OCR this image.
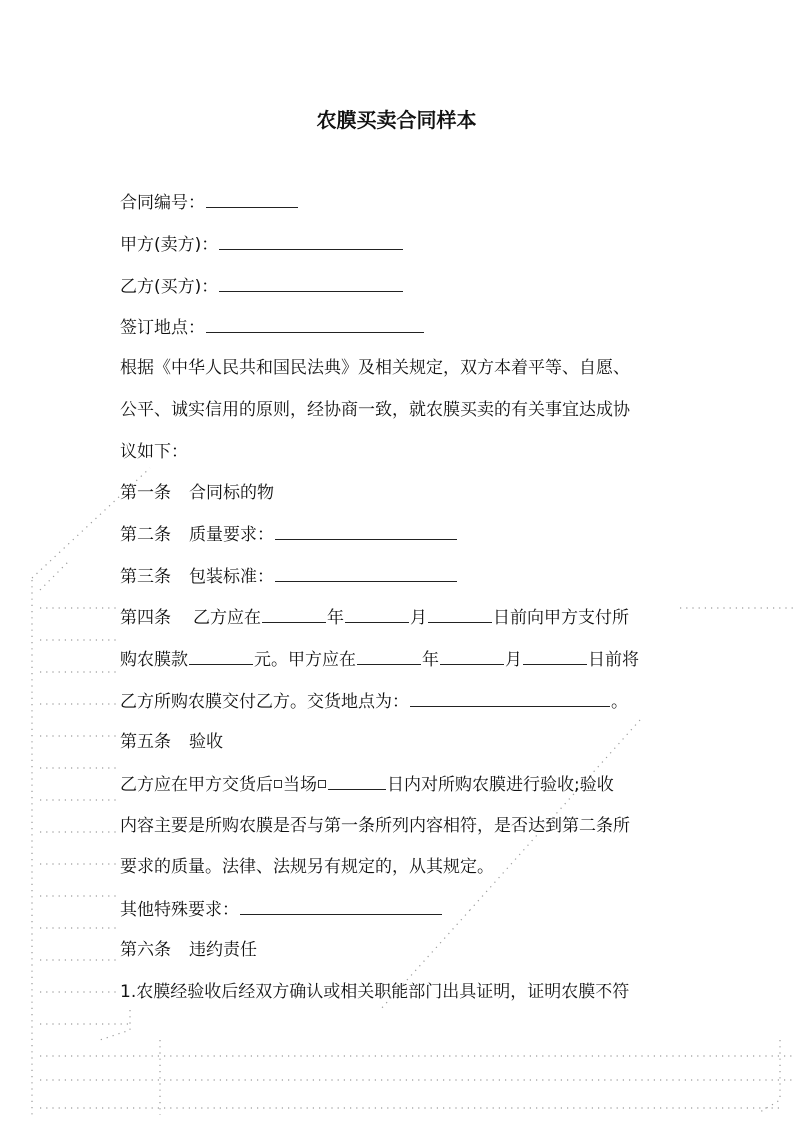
农膜买卖合同样本
合同编号：
甲方(卖方)：
乙方(买方)：
签订地点：
根据《中华人民共和国民法典》及相关规定，双方本着平等、自愿、
公平、诚实信用的原则，经协商一致，就农膜买卖的有关事宜达成协
议如下：
第一条 合同标的物
第二条 质量要求：
第三条 包装标准：
第四条 乙方应在	年	月	日前向甲方支付所
购农膜款	元。甲方应在	年	月	日前将
乙方所购农膜交付乙方。交货地点为：	。
第五条 验收
乙方应在甲方交货后 当场	日内对所购农膜进行验收;验收
内容主要是所购农膜是否与第一条所列内容相符，是否达到第二条所
要求的质量。法律、法规另有规定的，从其规定。
其他特殊要求：
第六条 违约责任
1.农膜经验收后经双方确认或相关职能部门出具证明，证明农膜不符
